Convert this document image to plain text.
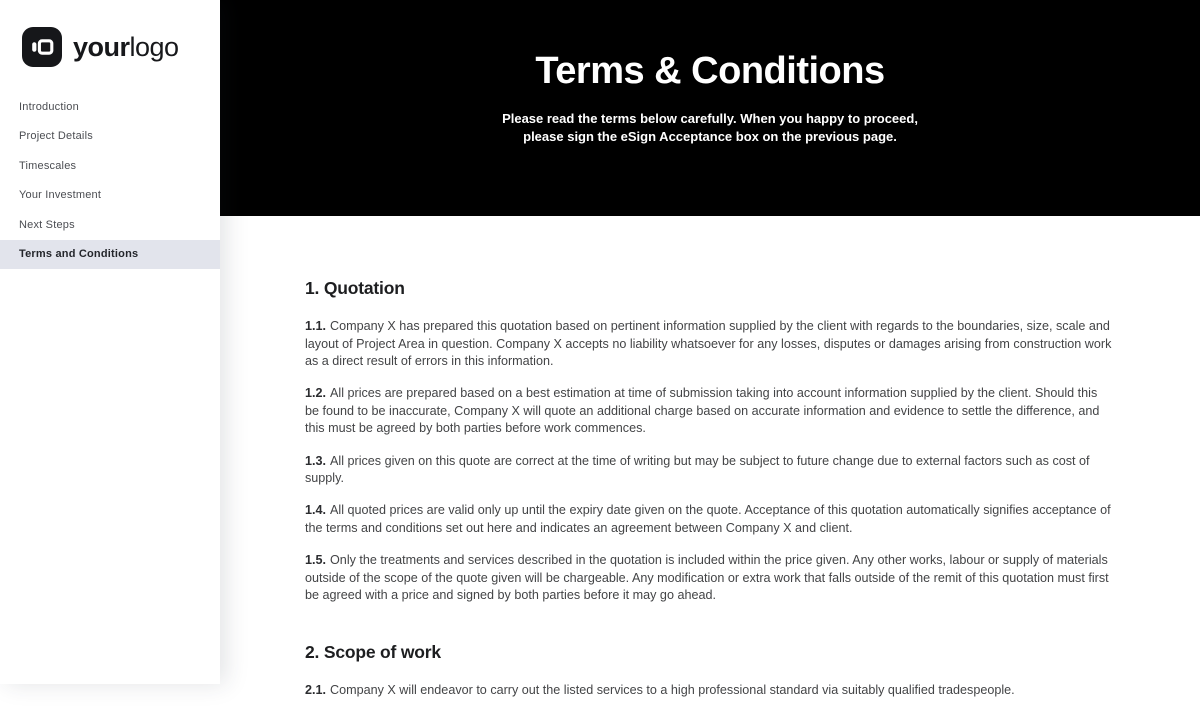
yourlogo
Introduction
Project Details
Timescales
Your Investment
Next Steps
Terms and Conditions
Terms & Conditions
Please read the terms below carefully. When you happy to proceed,
please sign the eSign Acceptance box on the previous page.
1. Quotation

1.1. Company X has prepared this quotation based on pertinent information supplied by the client with regards to the boundaries, size, scale and layout of Project Area in question. Company X accepts no liability whatsoever for any losses, disputes or damages arising from construction work as a direct result of errors in this information.

1.2. All prices are prepared based on a best estimation at time of submission taking into account information supplied by the client. Should this be found to be inaccurate, Company X will quote an additional charge based on accurate information and evidence to settle the difference, and this must be agreed by both parties before work commences.

1.3. All prices given on this quote are correct at the time of writing but may be subject to future change due to external factors such as cost of supply.

1.4. All quoted prices are valid only up until the expiry date given on the quote. Acceptance of this quotation automatically signifies acceptance of the terms and conditions set out here and indicates an agreement between Company X and client.

1.5. Only the treatments and services described in the quotation is included within the price given. Any other works, labour or supply of materials outside of the scope of the quote given will be chargeable. Any modification or extra work that falls outside of the remit of this quotation must first be agreed with a price and signed by both parties before it may go ahead.

2. Scope of work

2.1. Company X will endeavor to carry out the listed services to a high professional standard via suitably qualified tradespeople.
